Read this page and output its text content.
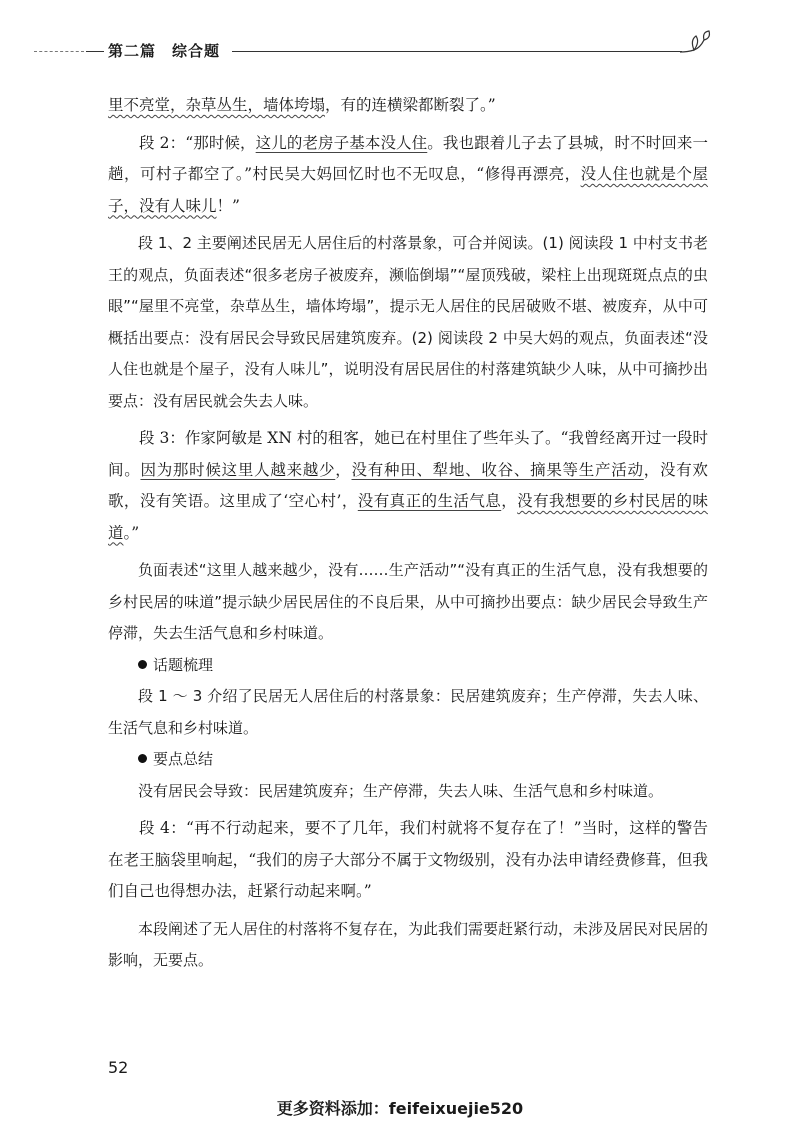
第二篇　综合题

里不亮堂，杂草丛生，墙体垮塌，有的连横梁都断裂了。”

段 2：“那时候，这儿的老房子基本没人住。我也跟着儿子去了县城，时不时回来一趟，可村子都空了。”村民吴大妈回忆时也不无叹息，“修得再漂亮，没人住也就是个屋子，没有人味儿！”

段 1、2 主要阐述民居无人居住后的村落景象，可合并阅读。(1) 阅读段 1 中村支书老王的观点，负面表述“很多老房子被废弃，濒临倒塌”“屋顶残破，梁柱上出现斑斑点点的虫眼”“屋里不亮堂，杂草丛生，墙体垮塌”，提示无人居住的民居破败不堪、被废弃，从中可概括出要点：没有居民会导致民居建筑废弃。(2) 阅读段 2 中吴大妈的观点，负面表述“没人住也就是个屋子，没有人味儿”，说明没有居民居住的村落建筑缺少人味，从中可摘抄出要点：没有居民就会失去人味。

段 3：作家阿敏是 XN 村的租客，她已在村里住了些年头了。“我曾经离开过一段时间。因为那时候这里人越来越少，没有种田、犁地、收谷、摘果等生产活动，没有欢歌，没有笑语。这里成了‘空心村’，没有真正的生活气息，没有我想要的乡村民居的味道。”

负面表述“这里人越来越少，没有……生产活动”“没有真正的生活气息，没有我想要的乡村民居的味道”提示缺少居民居住的不良后果，从中可摘抄出要点：缺少居民会导致生产停滞，失去生活气息和乡村味道。

话题梳理

段 1 ～ 3 介绍了民居无人居住后的村落景象：民居建筑废弃；生产停滞，失去人味、生活气息和乡村味道。

要点总结

没有居民会导致：民居建筑废弃；生产停滞，失去人味、生活气息和乡村味道。

段 4：“再不行动起来，要不了几年，我们村就将不复存在了！”当时，这样的警告在老王脑袋里响起，“我们的房子大部分不属于文物级别，没有办法申请经费修葺，但我们自己也得想办法，赶紧行动起来啊。”

本段阐述了无人居住的村落将不复存在，为此我们需要赶紧行动，未涉及居民对民居的影响，无要点。

52
更多资料添加：feifeixuejie520
